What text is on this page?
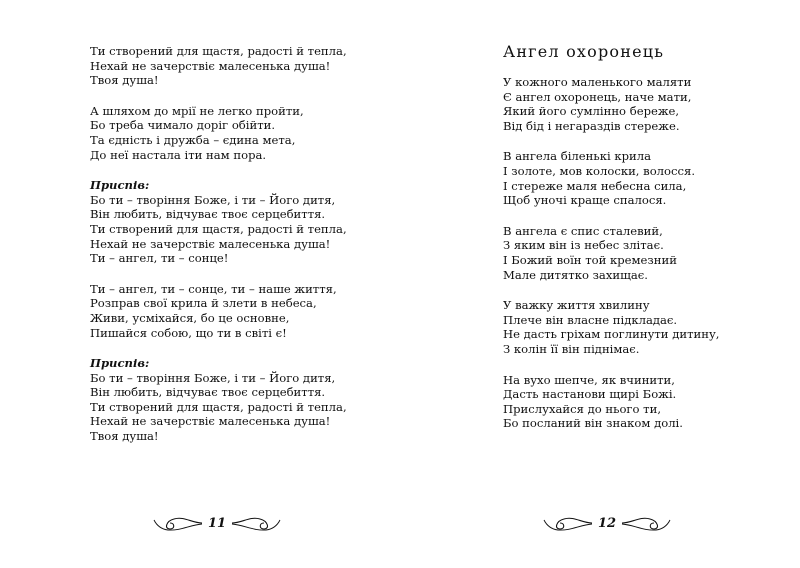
Ти створений для щастя, радості й тепла,
Нехай не зачерствіє малесенька душа!
Твоя душа!
А шляхом до мрії не легко пройти,
Бо треба чимало доріг обійти.
Та єдність і дружба – єдина мета,
До неї настала іти нам пора.
Приспів:
Бо ти – творіння Боже, і ти – Його дитя,
Він любить, відчуває твоє серцебиття.
Ти створений для щастя, радості й тепла,
Нехай не зачерствіє малесенька душа!
Ти – ангел, ти – сонце!
Ти – ангел, ти – сонце, ти – наше життя,
Розправ свої крила й злети в небеса,
Живи, усміхайся, бо це основне,
Пишайся собою, що ти в світі є!
Приспів:
Бо ти – творіння Боже, і ти – Його дитя,
Він любить, відчуває твоє серцебиття.
Ти створений для щастя, радості й тепла,
Нехай не зачерствіє малесенька душа!
Твоя душа!
Ангел охоронець
У кожного маленького маляти
Є ангел охоронець, наче мати,
Який його сумлінно береже,
Від бід і негараздів стереже.
В ангела біленькі крила
І золоте, мов колоски, волосся.
І стереже маля небесна сила,
Щоб уночі краще спалося.
В ангела є спис сталевий,
З яким він із небес злітає.
І Божий воїн той кремезний
Мале дитятко захищає.
У важку життя хвилину
Плече він власне підкладає.
Не дасть гріхам поглинути дитину,
З колін її він піднімає.
На вухо шепче, як вчинити,
Дасть настанови щирі Божі.
Прислухайся до нього ти,
Бо посланий він знаком долі.
11	12
